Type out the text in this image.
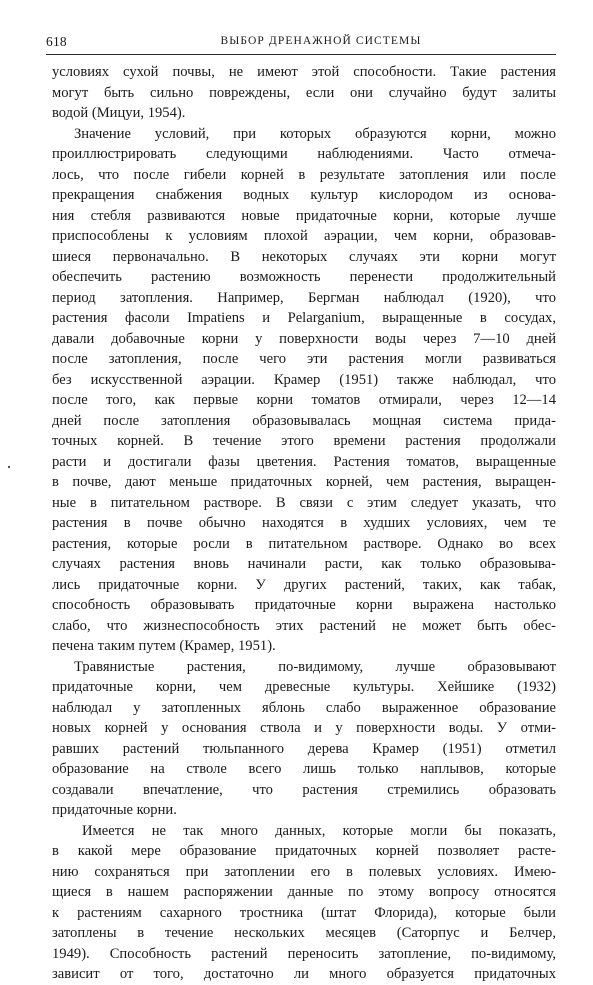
618	ВЫБОР ДРЕНАЖНОЙ СИСТЕМЫ
условиях сухой почвы, не имеют этой способности. Такие растения
могут быть сильно повреждены, если они случайно будут залиты
водой (Мицуи, 1954).
Значение условий, при которых образуются корни, можно
проиллюстрировать следующими наблюдениями. Часто отмеча-
лось, что после гибели корней в результате затопления или после
прекращения снабжения водных культур кислородом из основа-
ния стебля развиваются новые придаточные корни, которые лучше
приспособлены к условиям плохой аэрации, чем корни, образовав-
шиеся первоначально. В некоторых случаях эти корни могут
обеспечить растению возможность перенести продолжительный
период затопления. Например, Бергман наблюдал (1920), что
растения фасоли Impatiens и Pelarganium, выращенные в сосудах,
давали добавочные корни у поверхности воды через 7—10 дней
после затопления, после чего эти растения могли развиваться
без искусственной аэрации. Крамер (1951) также наблюдал, что
после того, как первые корни томатов отмирали, через 12—14
дней после затопления образовывалась мощная система прида-
точных корней. В течение этого времени растения продолжали
расти и достигали фазы цветения. Растения томатов, выращенные
в почве, дают меньше придаточных корней, чем растения, выращен-
ные в питательном растворе. В связи с этим следует указать, что
растения в почве обычно находятся в худших условиях, чем те
растения, которые росли в питательном растворе. Однако во всех
случаях растения вновь начинали расти, как только образовыва-
лись придаточные корни. У других растений, таких, как табак,
способность образовывать придаточные корни выражена настолько
слабо, что жизнеспособность этих растений не может быть обес-
печена таким путем (Крамер, 1951).
Травянистые растения, по-видимому, лучше образовывают
придаточные корни, чем древесные культуры. Хейшике (1932)
наблюдал у затопленных яблонь слабо выраженное образование
новых корней у основания ствола и у поверхности воды. У отми-
равших растений тюльпанного дерева Крамер (1951) отметил
образование на стволе всего лишь только наплывов, которые
создавали впечатление, что растения стремились образовать
придаточные корни.
Имеется не так много данных, которые могли бы показать,
в какой мере образование придаточных корней позволяет расте-
нию сохраняться при затоплении его в полевых условиях. Имею-
щиеся в нашем распоряжении данные по этому вопросу относятся
к растениям сахарного тростника (штат Флорида), которые были
затоплены в течение нескольких месяцев (Саторпус и Белчер,
1949). Способность растений переносить затопление, по-видимому,
зависит от того, достаточно ли много образуется придаточных
